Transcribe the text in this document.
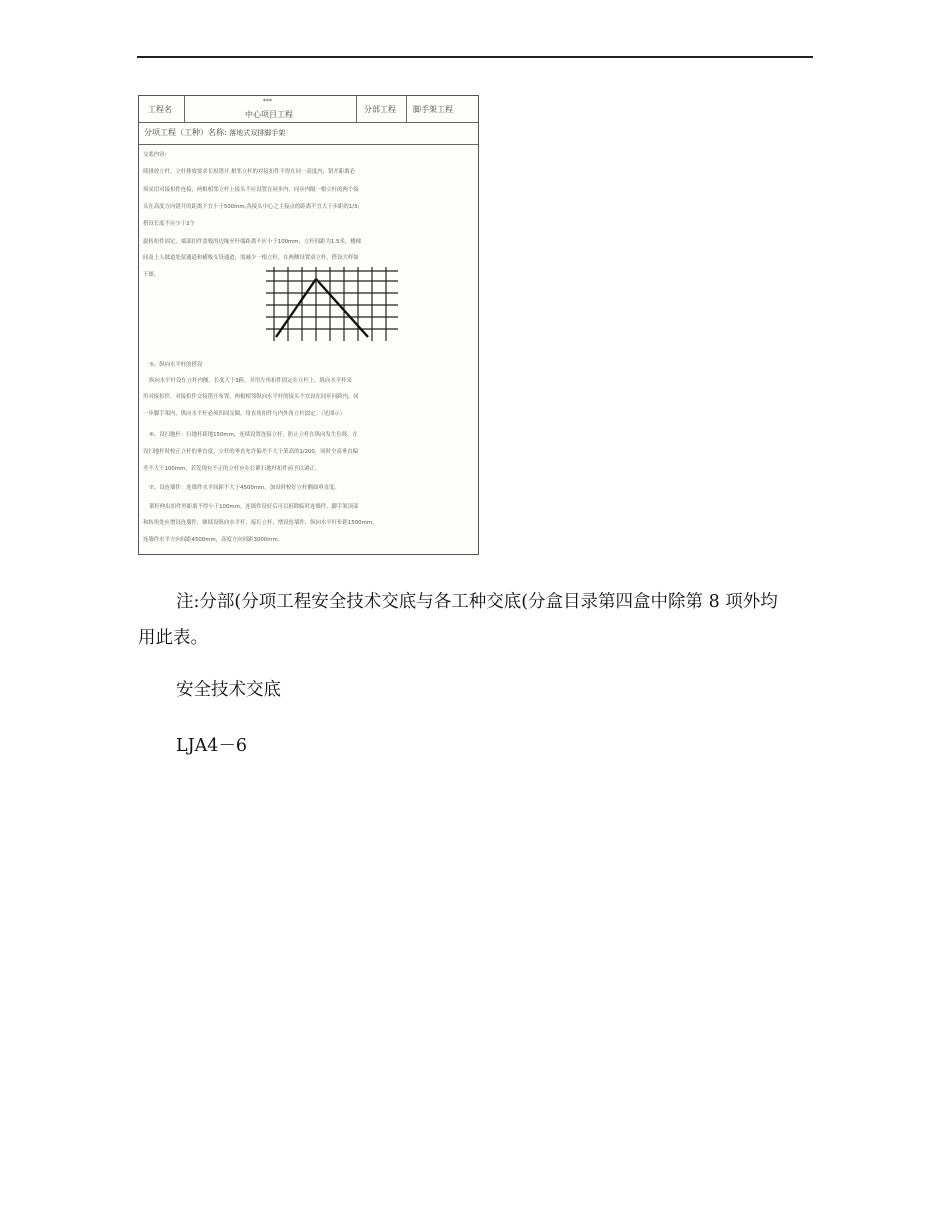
工程名
***
中心项目工程
分部工程 脚手架工程
分项工程（工种）名称: 落地式双排脚手架
交底内容:
续排放立杆、立杆排放要求长短错开,相邻立杆的对接扣件不得在同一高度内，错开距离必
须采用对接扣件连接，两根相邻立杆上接头不应设置在同步内，同步内隔一根立杆的两个接
头在高度方向错开的距离不宜小于500mm,各接头中心之主接点的距离不宜大于步距的1/3;
搭设长度不应少于2个
旋转扣件固定，端部扣件盖板的边缘至杆端距离不应小于100mm，立杆间距为1.5米，楼梯
间及上人坡道处留通道和横板支设通道，需减少一根立杆，在两侧设置双立杆，搭设大样如
下图。
⑤、纵向水平杆的搭设
纵向水平杆设在立杆内侧，长度大于3跨，并用左角扣件固定在立杆上。纵向水平杆采
用对接扣件，对接扣件交接错开布置，两根相邻纵向水平杆的接头不宜设在同步同跨内。同
一步脚手架内，纵向水平杆必须四周交圈，用直角扣件与内外角立杆固定。（见图示）
⑥、设扫地杆：扫地杆距地150mm，连续设置连接立杆，防止立杆在纵向发生位移，在
设扫地杆时校正立杆的垂直度，立杆的垂直允许偏差不大于架高的1/200，同时全高垂直偏
差不大于100mm，若发现有不正的立杆应在打紧扫地杆扣件前予以调正。
⑦、设连墙件：连墙件水平间距不大于4500mm，加设时校好立杆侧面垂直度。
架杆伸出扣件外距离不得小于100mm。连墙件设好后可以拆除临时连墙件，脚手架顶部
和转角处应增设连墙件，继续设纵向水平杆，接长立杆，增设连墙件，纵向水平杆步距1500mm，
连墙件水平方向间距4500mm，高度方向间距3000mm。
注:分部(分项工程安全技术交底与各工种交底(分盒目录第四盒中除第 8 项外均
用此表。
安全技术交底
LJA4－6
